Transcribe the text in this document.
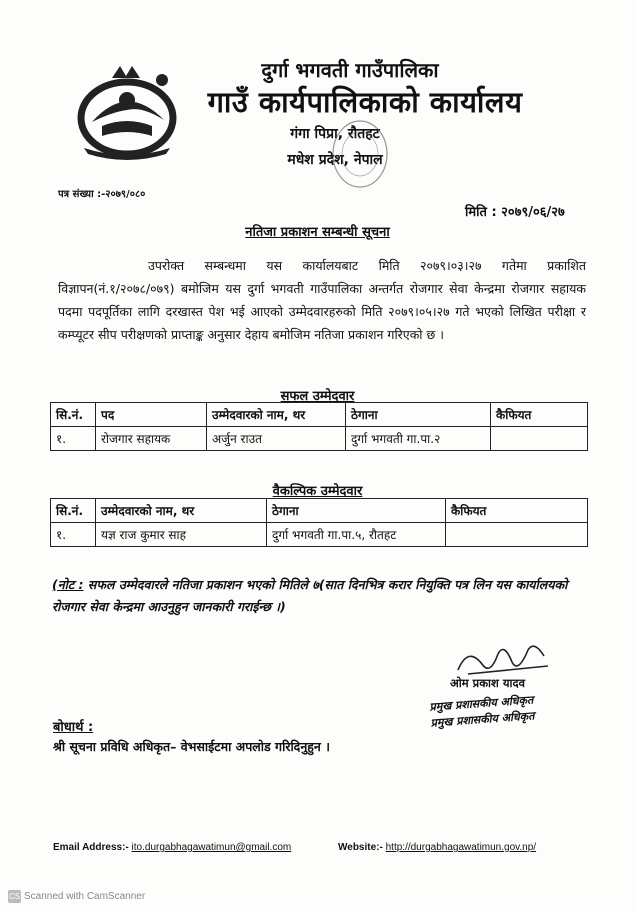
दुर्गा भगवती गाउँपालिका
गाउँ कार्यपालिकाको कार्यालय
गंगा पिप्रा, रौतहट
मधेश प्रदेश, नेपाल
पत्र संख्या :-२०७९/०८०
मिति : २०७९/०६/२७
नतिजा प्रकाशन सम्बन्धी सूचना
उपरोक्त सम्बन्धमा यस कार्यालयबाट मिति २०७९।०३।२७ गतेमा प्रकाशित विज्ञापन(नं.१/२०७८/०७९) बमोजिम यस दुर्गा भगवती गाउँपालिका अन्तर्गत रोजगार सेवा केन्द्रमा रोजगार सहायक पदमा पदपूर्तिका लागि दरखास्त पेश भई आएको उम्मेदवारहरुको मिति २०७९।०५।२७ गते भएको लिखित परीक्षा र कम्प्यूटर सीप परीक्षणको प्राप्ताङ्क अनुसार देहाय बमोजिम नतिजा प्रकाशन गरिएको छ ।
सफल उम्मेदवार
सि.नं.	पद	उम्मेदवारको नाम, थर	ठेगाना	कैफियत
१.	रोजगार सहायक	अर्जुन राउत	दुर्गा भगवती गा.पा.२	
वैकल्पिक उम्मेदवार
सि.नं.	उम्मेदवारको नाम, थर	ठेगाना	कैफियत
१.	यज्ञ राज कुमार साह	दुर्गा भगवती गा.पा.५, रौतहट	
(नोट : सफल उम्मेदवारले नतिजा प्रकाशन भएको मितिले ७(सात दिनभित्र करार नियुक्ति पत्र लिन यस कार्यालयको रोजगार सेवा केन्द्रमा आउनुहुन जानकारी गराईन्छ ।)
ओम प्रकाश यादव
प्रमुख प्रशासकीय अधिकृत
प्रमुख प्रशासकीय अधिकृत
बोधार्थ :
श्री सूचना प्रविधि अधिकृत– वेभसाईटमा अपलोड गरिदिनुहुन ।
Email Address:- ito.durgabhagawatimun@gmail.com	Website:- http://durgabhagawatimun.gov.np/
CS Scanned with CamScanner
